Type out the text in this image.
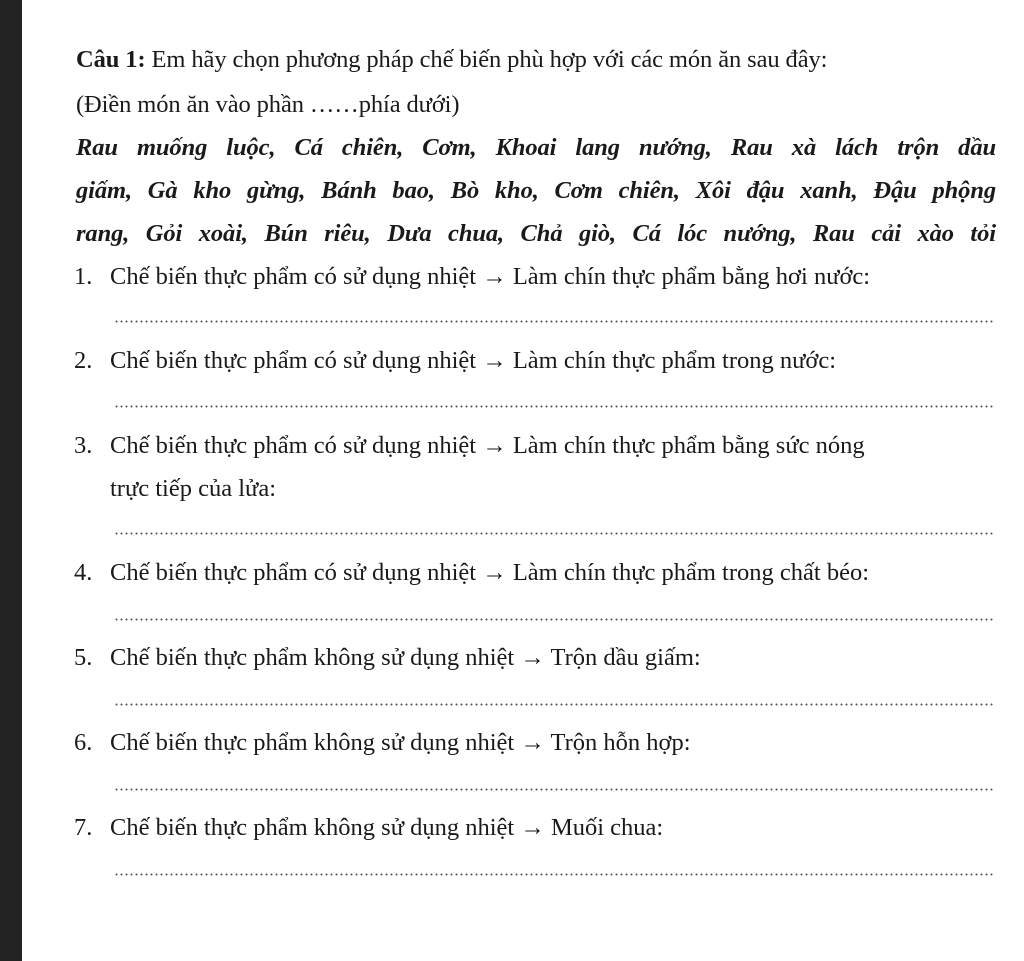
Câu 1: Em hãy chọn phương pháp chế biến phù hợp với các món ăn sau đây:
(Điền món ăn vào phần ……phía dưới)
Rau muống luộc, Cá chiên, Cơm, Khoai lang nướng, Rau xà lách trộn dầu
giấm, Gà kho gừng, Bánh bao, Bò kho, Cơm chiên, Xôi đậu xanh, Đậu phộng
rang, Gỏi xoài, Bún riêu, Dưa chua, Chả giò, Cá lóc nướng, Rau cải xào tỏi
1. Chế biến thực phẩm có sử dụng nhiệt → Làm chín thực phẩm bằng hơi nước:
2. Chế biến thực phẩm có sử dụng nhiệt → Làm chín thực phẩm trong nước:
3. Chế biến thực phẩm có sử dụng nhiệt → Làm chín thực phẩm bằng sức nóng
trực tiếp của lửa:
4. Chế biến thực phẩm có sử dụng nhiệt → Làm chín thực phẩm trong chất béo:
5. Chế biến thực phẩm không sử dụng nhiệt → Trộn dầu giấm:
6. Chế biến thực phẩm không sử dụng nhiệt → Trộn hỗn hợp:
7. Chế biến thực phẩm không sử dụng nhiệt → Muối chua:
